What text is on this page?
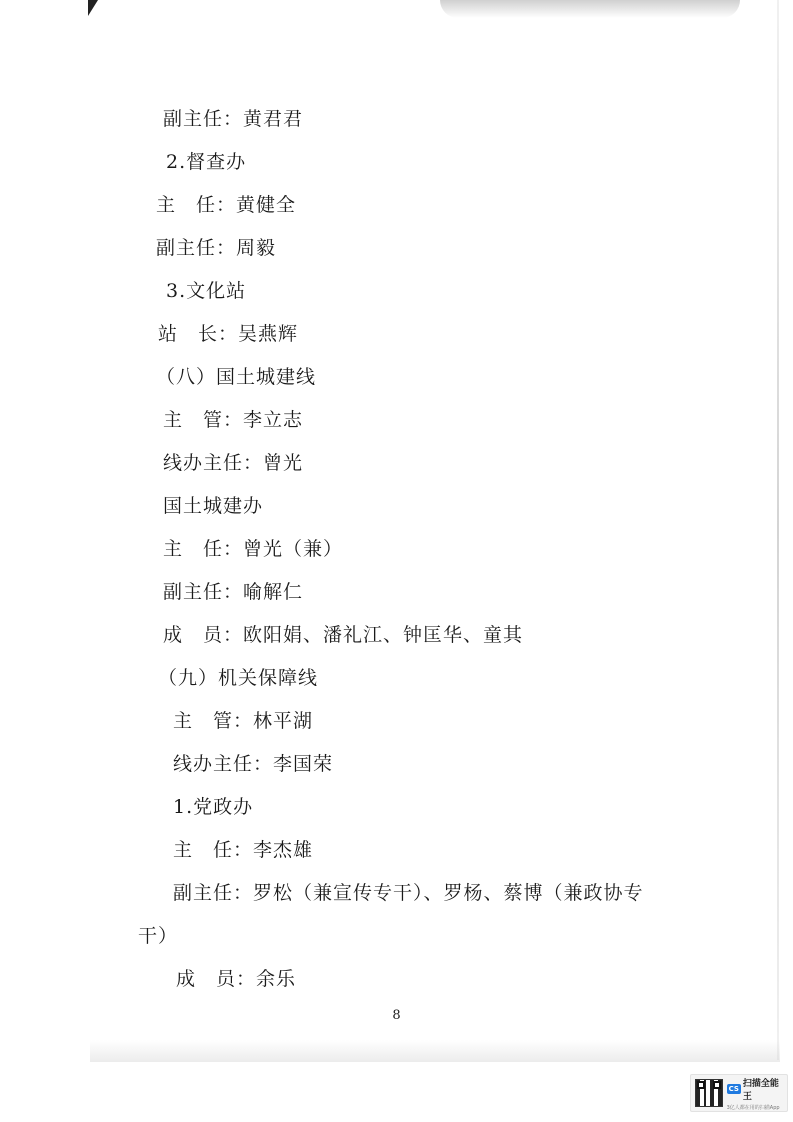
副主任：黄君君
2.督查办
主　任：黄健全
副主任：周毅
3.文化站
站　长：吴燕辉
（八）国土城建线
主　管：李立志
线办主任：曾光
国土城建办
主　任：曾光（兼）
副主任：喻解仁
成　员：欧阳娟、潘礼江、钟匡华、童其
（九）机关保障线
主　管：林平湖
线办主任：李国荣
1.党政办
主　任：李杰雄
副主任：罗松（兼宣传专干）、罗杨、蔡博（兼政协专
干）
成　员：余乐
8
CS 扫描全能王
3亿人都在用的扫描App
